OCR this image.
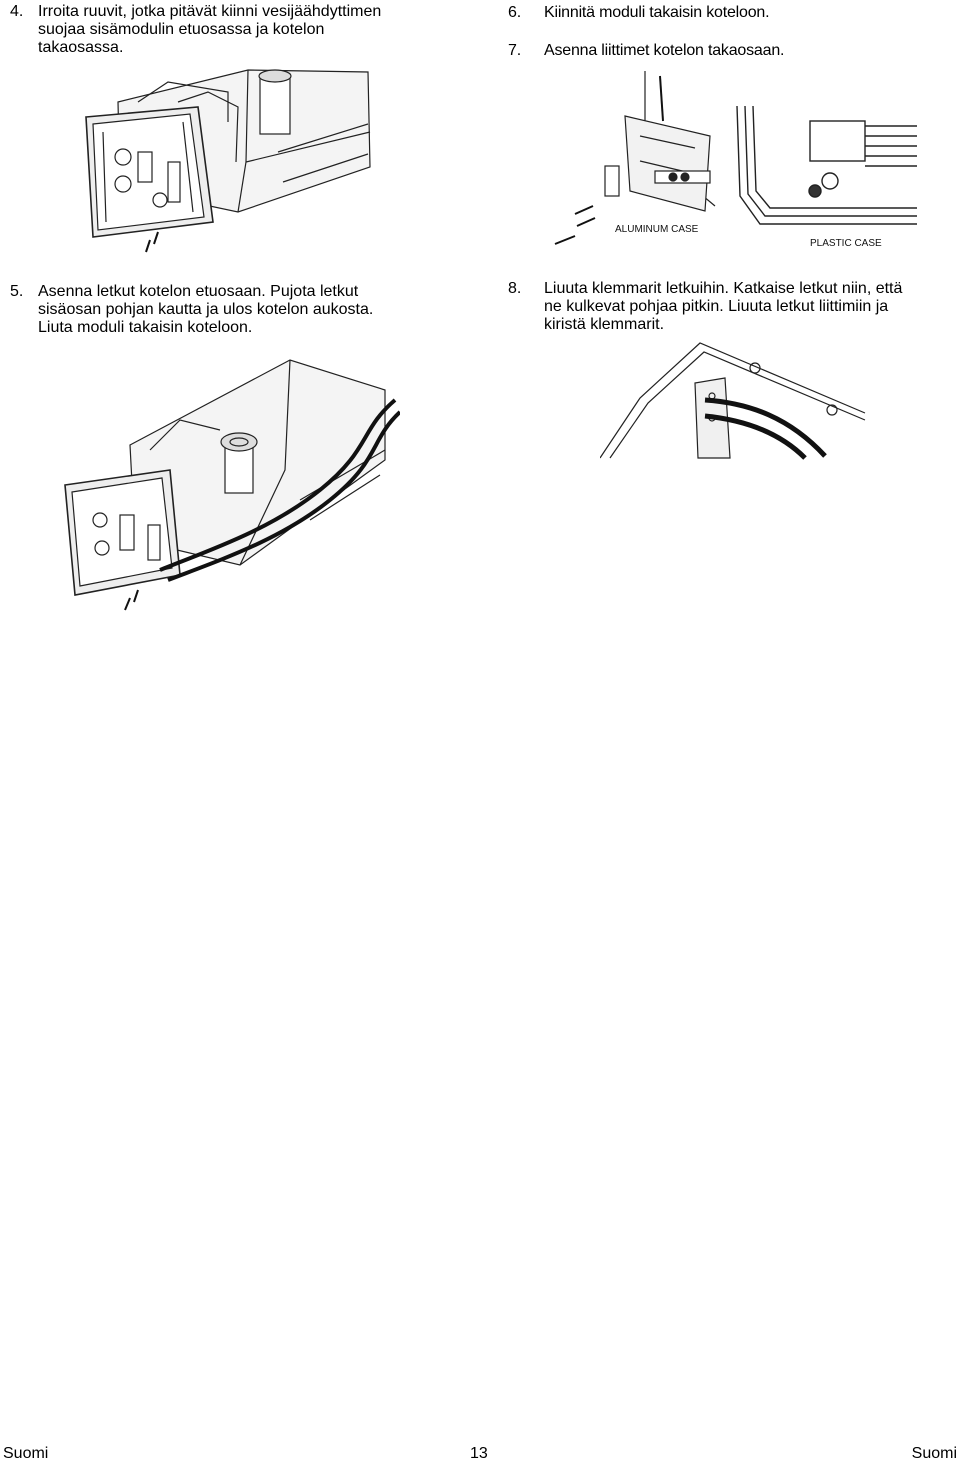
4. Irroita ruuvit, jotka pitävät kiinni vesijäähdyttimen
suojaa sisämodulin etuosassa ja kotelon
takaosassa.
6. Kiinnitä moduli takaisin koteloon.
7. Asenna liittimet kotelon takaosaan.
ALUMINUM CASE
PLASTIC CASE
5. Asenna letkut kotelon etuosaan. Pujota letkut
sisäosan pohjan kautta ja ulos kotelon aukosta.
Liuta moduli takaisin koteloon.
8. Liuuta klemmarit letkuihin. Katkaise letkut niin, että
ne kulkevat pohjaa pitkin. Liuuta letkut liittimiin ja
kiristä klemmarit.
Suomi	13	Suomi
